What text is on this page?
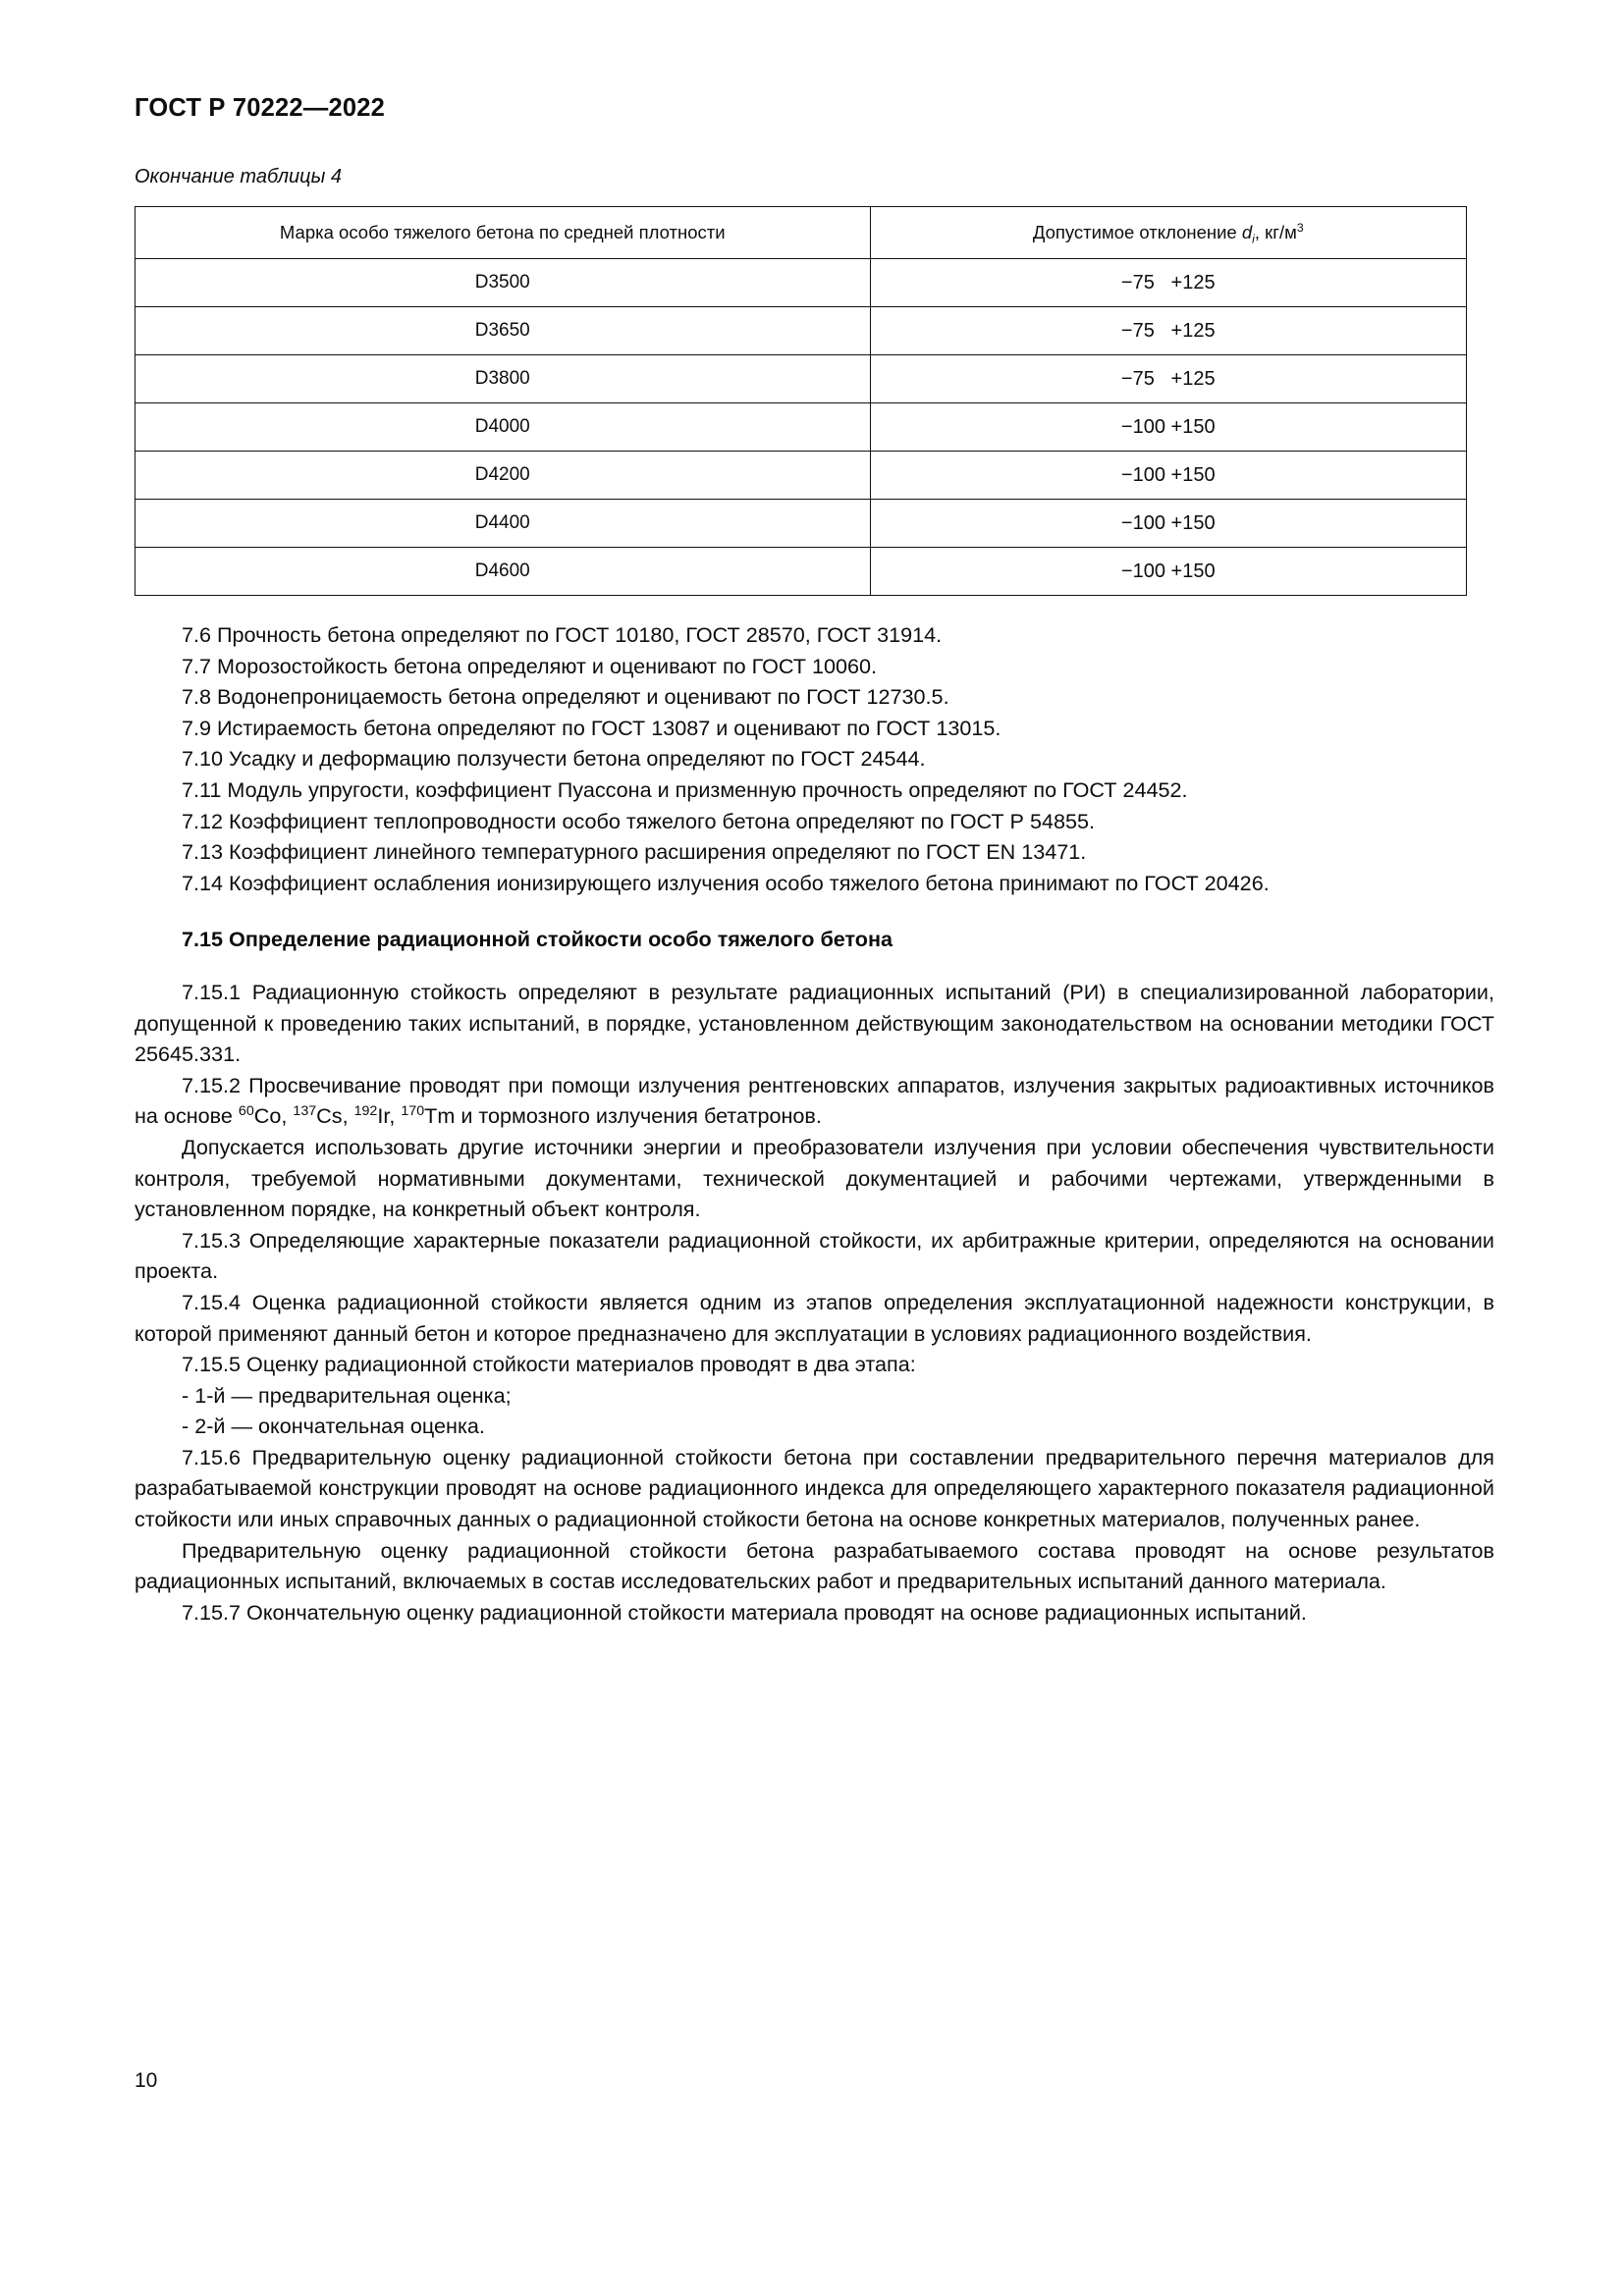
ГОСТ Р 70222—2022
Окончание таблицы 4
Марка особо тяжелого бетона по средней плотности	Допустимое отклонение $d_i$, $кг/м^3$
D3500	−75   +125
D3650	−75   +125
D3800	−75   +125
D4000	−100 +150
D4200	−100 +150
D4400	−100 +150
D4600	−100 +150

7.6 Прочность бетона определяют по ГОСТ 10180, ГОСТ 28570, ГОСТ 31914.

7.7 Морозостойкость бетона определяют и оценивают по ГОСТ 10060.

7.8 Водонепроницаемость бетона определяют и оценивают по ГОСТ 12730.5.

7.9 Истираемость бетона определяют по ГОСТ 13087 и оценивают по ГОСТ 13015.

7.10 Усадку и деформацию ползучести бетона определяют по ГОСТ 24544.

7.11 Модуль упругости, коэффициент Пуассона и призменную прочность определяют по ГОСТ 24452.

7.12 Коэффициент теплопроводности особо тяжелого бетона определяют по ГОСТ Р 54855.

7.13 Коэффициент линейного температурного расширения определяют по ГОСТ EN 13471.

7.14 Коэффициент ослабления ионизирующего излучения особо тяжелого бетона принимают по ГОСТ 20426.

7.15 Определение радиационной стойкости особо тяжелого бетона

7.15.1 Радиационную стойкость определяют в результате радиационных испытаний (РИ) в специализированной лаборатории, допущенной к проведению таких испытаний, в порядке, установленном действующим законодательством на основании методики ГОСТ 25645.331.

7.15.2 Просвечивание проводят при помощи излучения рентгеновских аппаратов, излучения закрытых радиоактивных источников на основе $^{60}$Co, $^{137}$Cs, $^{192}$Ir, $^{170}$Tm и тормозного излучения бетатронов.

Допускается использовать другие источники энергии и преобразователи излучения при условии обеспечения чувствительности контроля, требуемой нормативными документами, технической документацией и рабочими чертежами, утвержденными в установленном порядке, на конкретный объект контроля.

7.15.3 Определяющие характерные показатели радиационной стойкости, их арбитражные критерии, определяются на основании проекта.

7.15.4 Оценка радиационной стойкости является одним из этапов определения эксплуатационной надежности конструкции, в которой применяют данный бетон и которое предназначено для эксплуатации в условиях радиационного воздействия.

7.15.5 Оценку радиационной стойкости материалов проводят в два этапа:

- 1-й — предварительная оценка;

- 2-й — окончательная оценка.

7.15.6 Предварительную оценку радиационной стойкости бетона при составлении предварительного перечня материалов для разрабатываемой конструкции проводят на основе радиационного индекса для определяющего характерного показателя радиационной стойкости или иных справочных данных о радиационной стойкости бетона на основе конкретных материалов, полученных ранее.

Предварительную оценку радиационной стойкости бетона разрабатываемого состава проводят на основе результатов радиационных испытаний, включаемых в состав исследовательских работ и предварительных испытаний данного материала.

7.15.7 Окончательную оценку радиационной стойкости материала проводят на основе радиационных испытаний.

10
